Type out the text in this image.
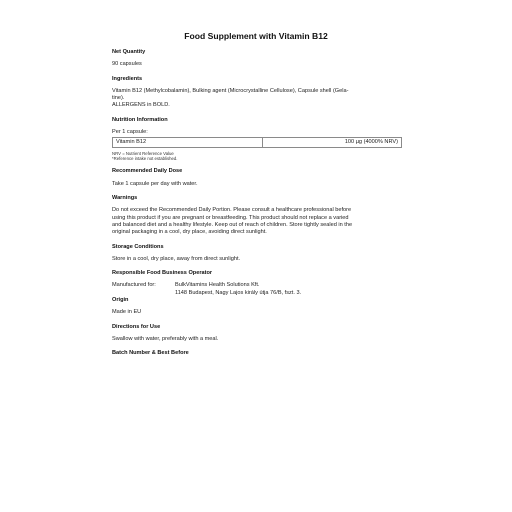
Food Supplement with Vitamin B12
Net Quantity
90 capsules
Ingredients
Vitamin B12 (Methylcobalamin), Bulking agent (Microcrystalline Cellulose), Capsule shell (Gela-
tine).
ALLERGENS in BOLD.
Nutrition Information
Per 1 capsule:
Vitamin B12	100 µg (4000% NRV)
NRV = Nutrient Reference Value
*Reference intake not established.
Recommended Daily Dose
Take 1 capsule per day with water.
Warnings
Do not exceed the Recommended Daily Portion. Please consult a healthcare professional before
using this product if you are pregnant or breastfeeding. This product should not replace a varied
and balanced diet and a healthy lifestyle. Keep out of reach of children. Store tightly sealed in the
original packaging in a cool, dry place, avoiding direct sunlight.
Storage Conditions
Store in a cool, dry place, away from direct sunlight.
Responsible Food Business Operator
Manufactured for:	BulkVitamins Health Solutions Kft.
1148 Budapest, Nagy Lajos király útja 76/B, fszt. 3.
Origin
Made in EU
Directions for Use
Swallow with water, preferably with a meal.
Batch Number & Best Before
